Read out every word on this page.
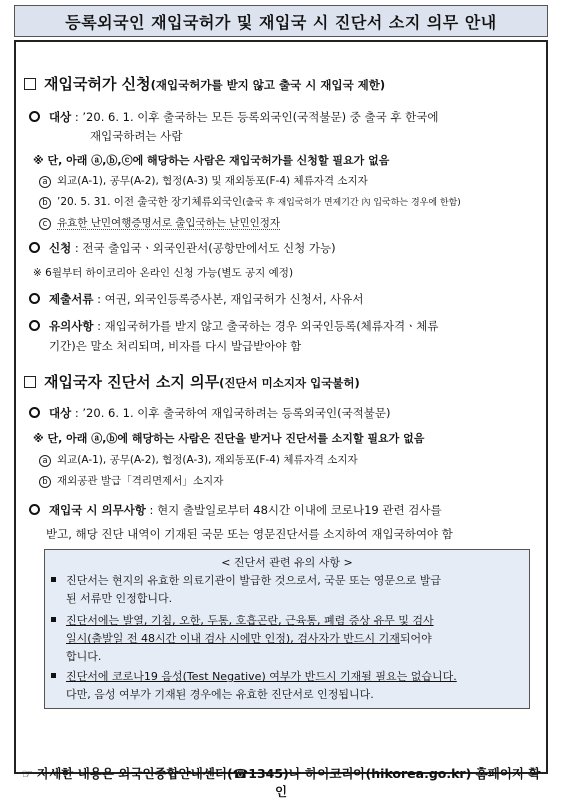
등록외국인 재입국허가 및 재입국 시 진단서 소지 의무 안내
재입국허가 신청(재입국허가를 받지 않고 출국 시 재입국 제한)
대상 : ’20. 6. 1. 이후 출국하는 모든 등록외국인(국적불문) 중 출국 후 한국에
재입국하려는 사람
※ 단, 아래 ⓐ,ⓑ,ⓒ에 해당하는 사람은 재입국허가를 신청할 필요가 없음
a 외교(A-1), 공무(A-2), 협정(A-3) 및 재외동포(F-4) 체류자격 소지자
b ’20. 5. 31. 이전 출국한 장기체류외국인(출국 후 재입국허가 면제기간 內 입국하는 경우에 한함)
c 유효한 난민여행증명서로 출입국하는 난민인정자
신청 : 전국 출입국ㆍ외국인관서(공항만에서도 신청 가능)
※ 6월부터 하이코리아 온라인 신청 가능(별도 공지 예정)
제출서류 : 여권, 외국인등록증사본, 재입국허가 신청서, 사유서
유의사항 : 재입국허가를 받지 않고 출국하는 경우 외국인등록(체류자격ㆍ체류
기간)은 말소 처리되며, 비자를 다시 발급받아야 함
재입국자 진단서 소지 의무(진단서 미소지자 입국불허)
대상 : ’20. 6. 1. 이후 출국하여 재입국하려는 등록외국인(국적불문)
※ 단, 아래 ⓐ,ⓑ에 해당하는 사람은 진단을 받거나 진단서를 소지할 필요가 없음
a 외교(A-1), 공무(A-2), 협정(A-3), 재외동포(F-4) 체류자격 소지자
b 재외공관 발급「격리면제서」소지자
재입국 시 의무사항 : 현지 출발일로부터 48시간 이내에 코로나19 관련 검사를
받고, 해당 진단 내역이 기재된 국문 또는 영문진단서를 소지하여 재입국하여야 함
☞ 자세한 내용은 외국인종합안내센터(☎1345)나 하이코리아(hikorea.go.kr) 홈페이지 확인
< 진단서 관련 유의 사항 >
진단서는 현지의 유효한 의료기관이 발급한 것으로서, 국문 또는 영문으로 발급
된 서류만 인정합니다.
진단서에는 발열, 기침, 오한, 두통, 호흡곤란, 근육통, 폐렴 증상 유무 및 검사
일시(출발일 전 48시간 이내 검사 시에만 인정), 검사자가 반드시 기재되어야
합니다.
진단서에 코로나19 음성(Test Negative) 여부가 반드시 기재될 필요는 없습니다.
다만, 음성 여부가 기재된 경우에는 유효한 진단서로 인정됩니다.
